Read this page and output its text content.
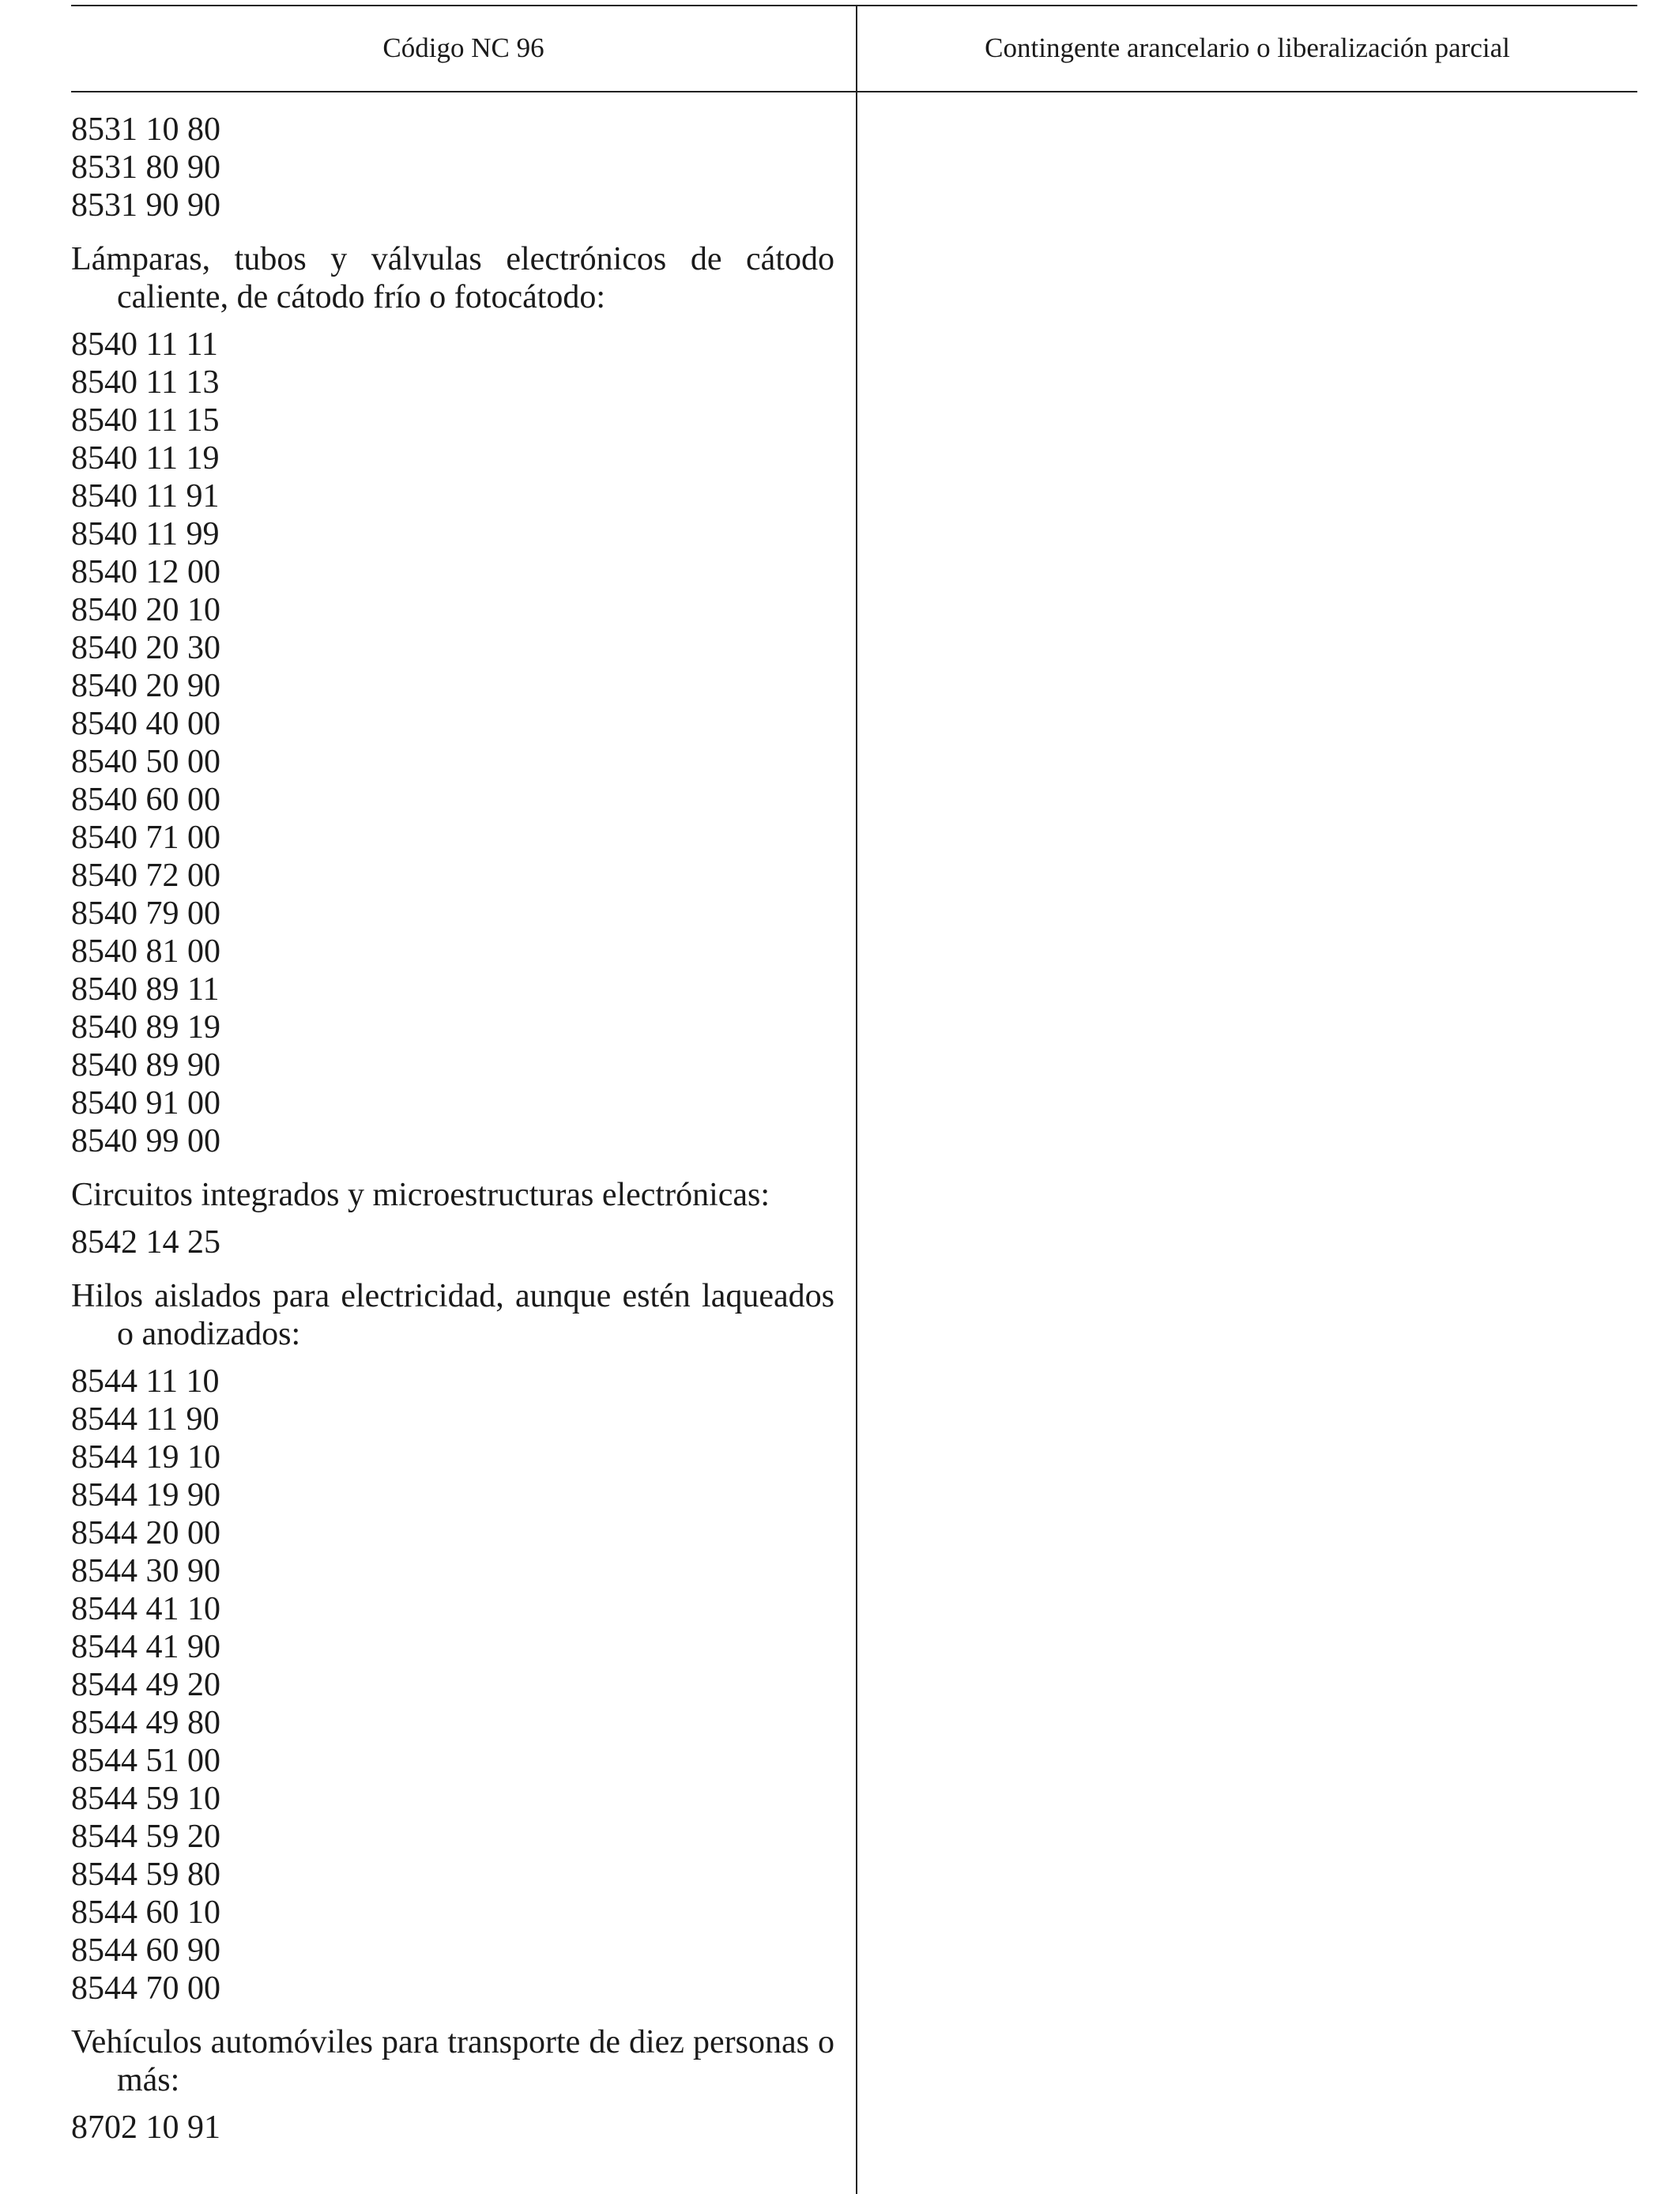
Código NC 96	Contingente arancelario o liberalización parcial
8531 10 80
8531 80 90
8531 90 90
Lámparas, tubos y válvulas electrónicos de cátodo caliente, de cátodo frío o fotocátodo:
8540 11 11
8540 11 13
8540 11 15
8540 11 19
8540 11 91
8540 11 99
8540 12 00
8540 20 10
8540 20 30
8540 20 90
8540 40 00
8540 50 00
8540 60 00
8540 71 00
8540 72 00
8540 79 00
8540 81 00
8540 89 11
8540 89 19
8540 89 90
8540 91 00
8540 99 00
Circuitos integrados y microestructuras electrónicas:
8542 14 25
Hilos aislados para electricidad, aunque estén laqueados o anodizados:
8544 11 10
8544 11 90
8544 19 10
8544 19 90
8544 20 00
8544 30 90
8544 41 10
8544 41 90
8544 49 20
8544 49 80
8544 51 00
8544 59 10
8544 59 20
8544 59 80
8544 60 10
8544 60 90
8544 70 00
Vehículos automóviles para transporte de diez personas o más:
8702 10 91
